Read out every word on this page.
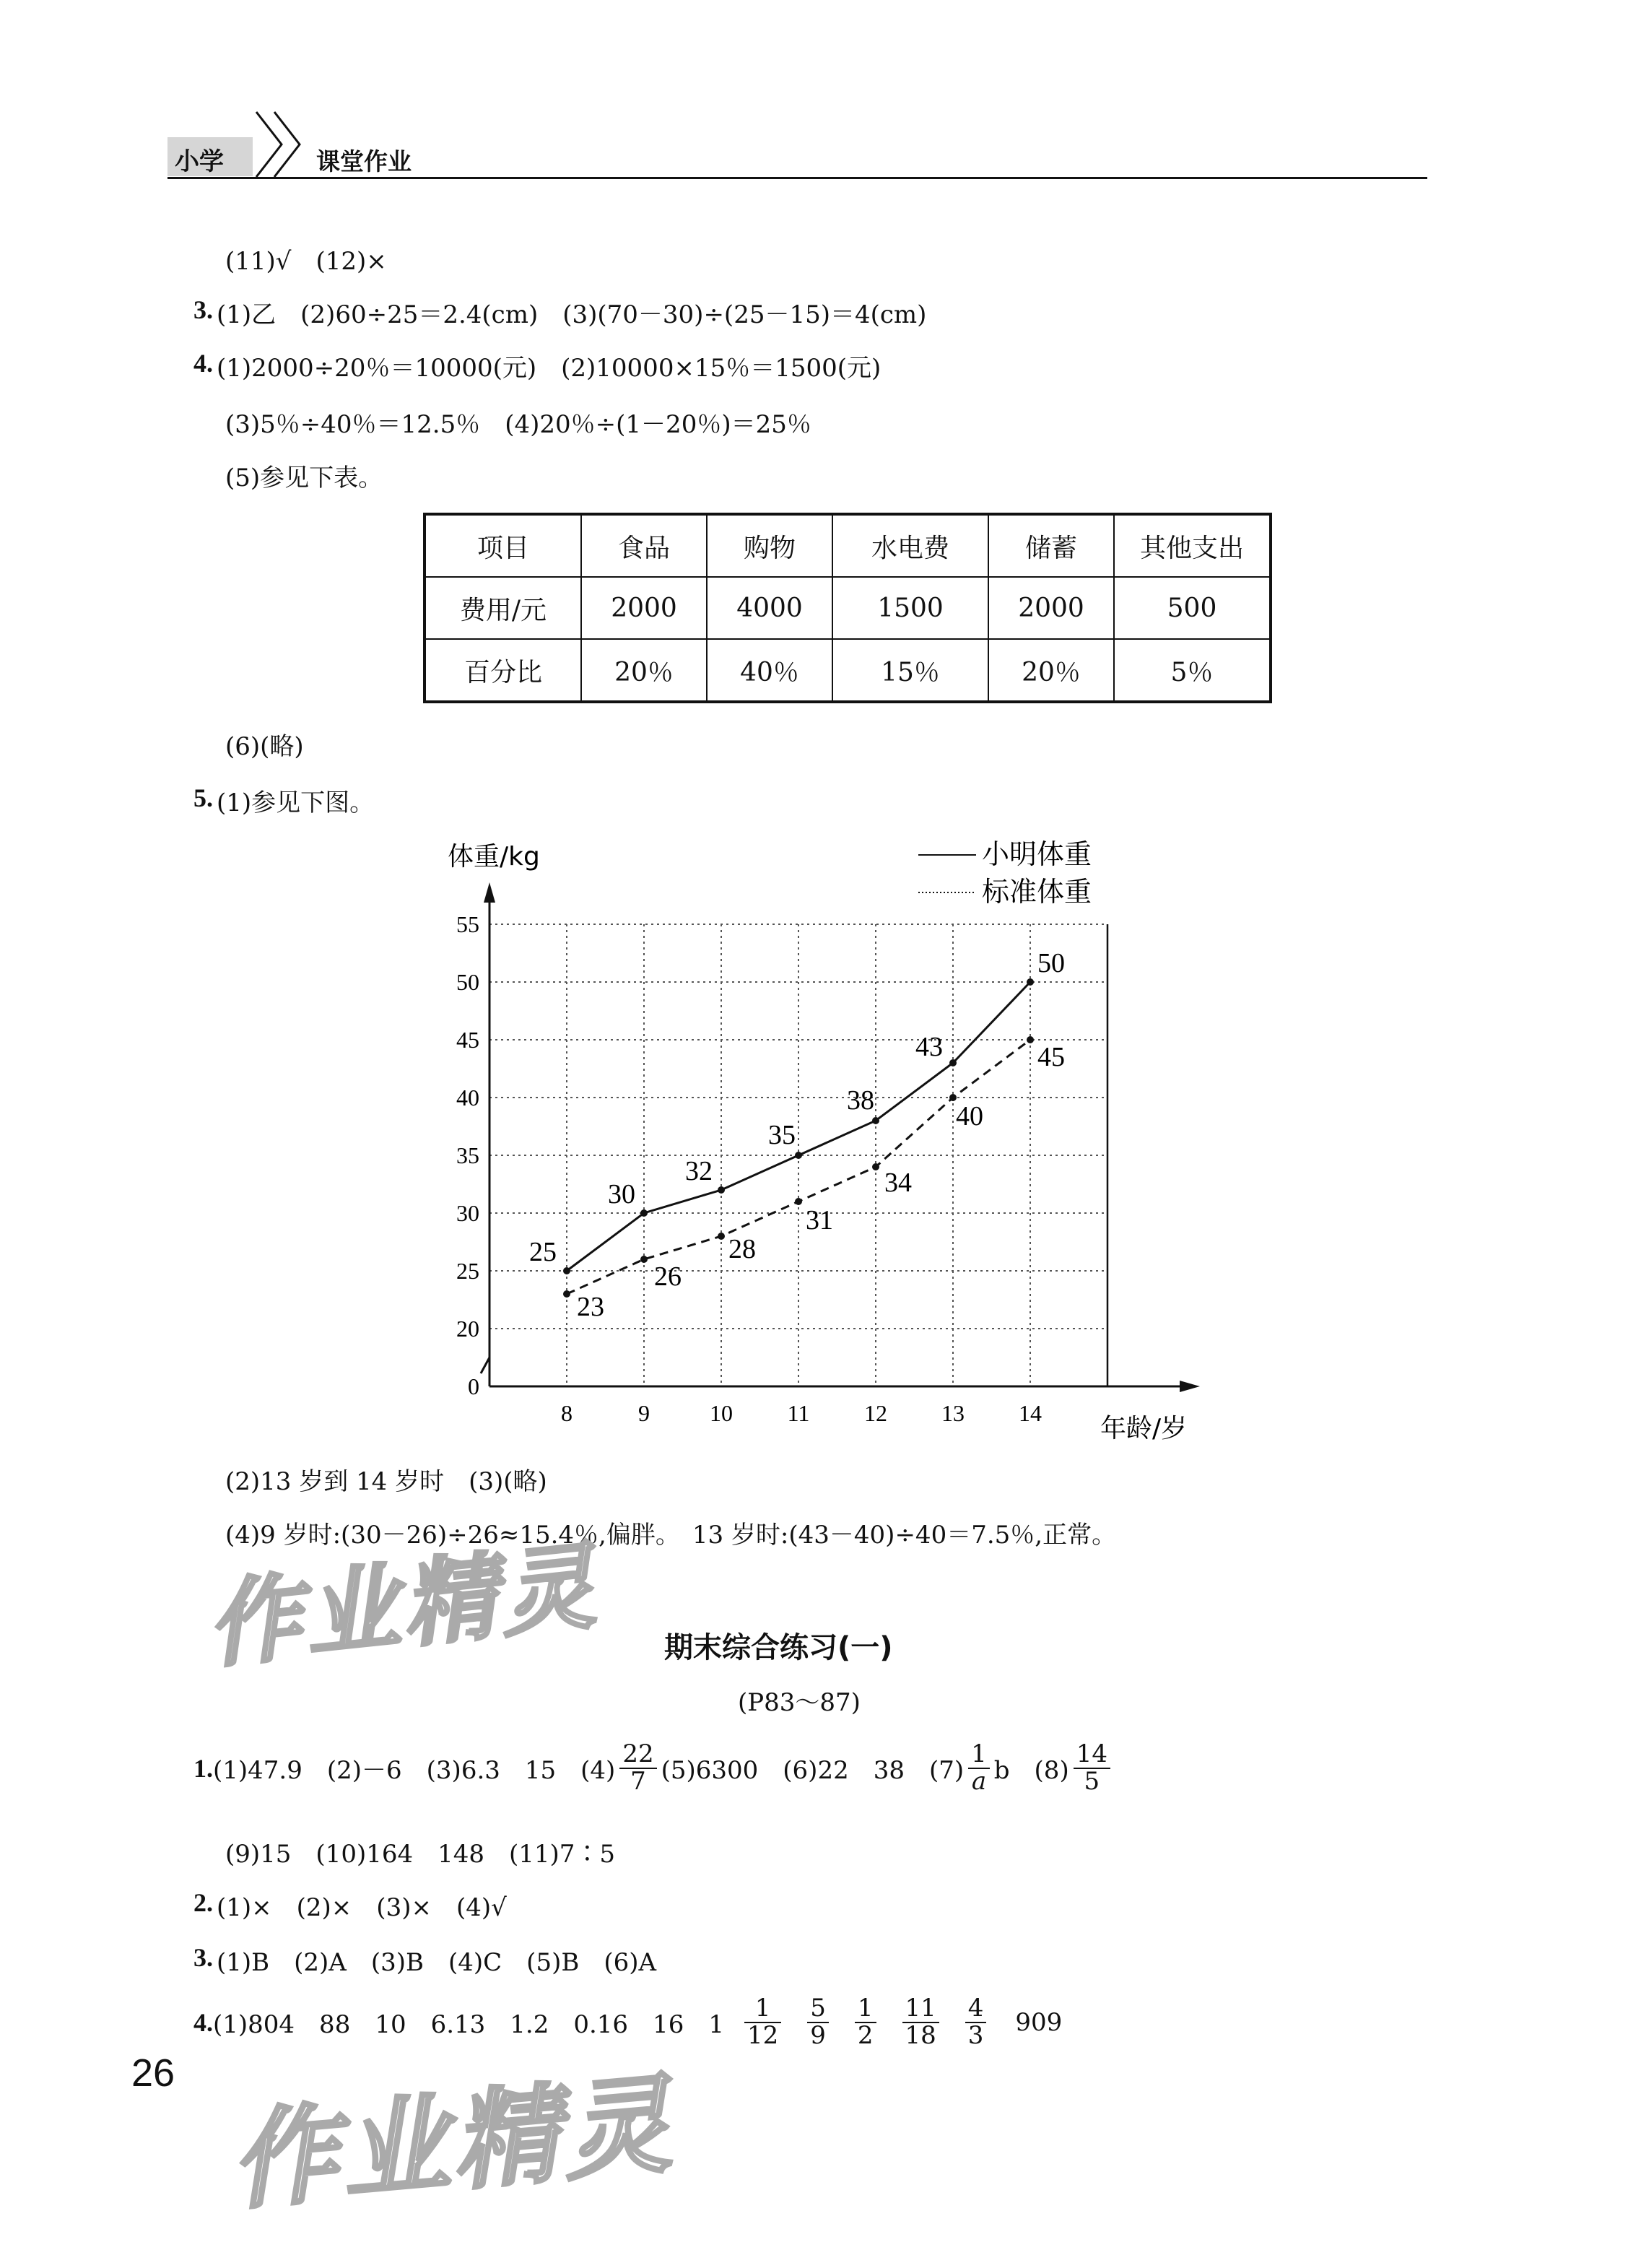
小学	课堂作业
(11)√　(12)×
3. (1)乙　(2)60÷25＝2.4(cm)　(3)(70－30)÷(25－15)＝4(cm)
4. (1)2000÷20％＝10000(元)　(2)10000×15％＝1500(元)
(3)5％÷40％＝12.5％　(4)20％÷(1－20％)＝25％
(5)参见下表。
项目	食品	购物	水电费	储蓄	其他支出
费用/元	2000	4000	1500	2000	500
百分比	20％	40％	15％	20％	5％
(6)(略)
5. (1)参见下图。
0
20
25
30
35
40
45
50
55
8	9	10 11 12 13 14
体重/kg
年龄/岁
小明体重
标准体重
25
30
32
35
38
43
50
23
26
28
31
34
40
45
(2)13 岁到 14 岁时　(3)(略)
(4)9 岁时:(30－26)÷26≈15.4％,偏胖。　13 岁时:(43－40)÷40＝7.5％,正常。
作业精灵 期末综合练习(一)
(P83～87)
1. (1)47.9　(2)－6　(3)6.3　15　$(4) \frac{22}{7} (5)6300$　(6)22　38　$(7) \frac{1}{a}$ b　$(8) \frac{14}{5}$
(9)15　(10)164　148　(11)7∶5
2. (1)×　(2)×　(3)×　(4)√
3. (1)B　(2)A　(3)B　(4)C　(5)B　(6)A
4. (1)804　88　10　6.13　1.2　0.16　16　$1 \frac{1}{12} \frac{5}{9} \frac{1}{2} \frac{11}{18} \frac{4}{3} 909$
26 作业精灵
